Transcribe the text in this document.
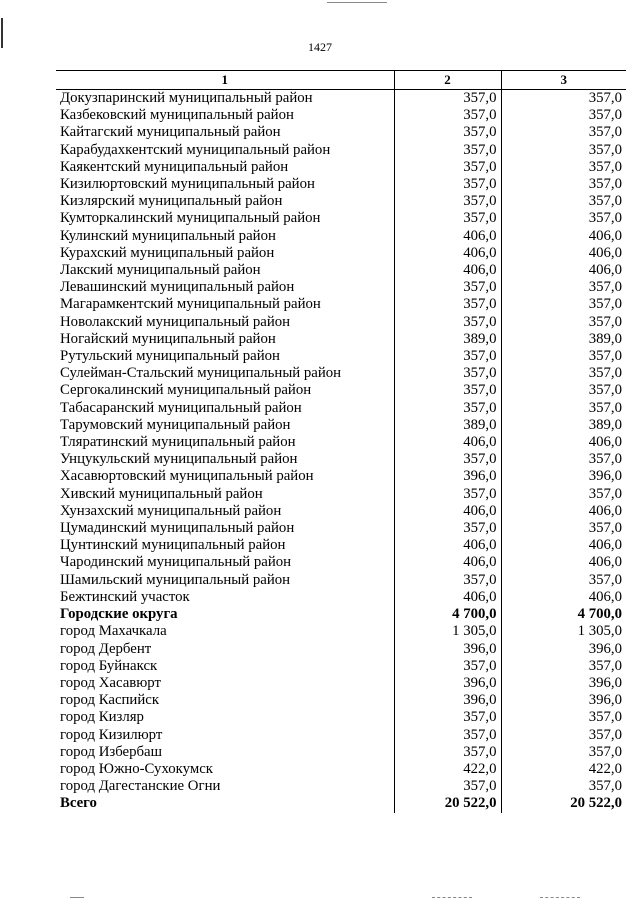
1427
1	2	3
Докузпаринский муниципальный район	357,0	357,0
Казбековский муниципальный район	357,0	357,0
Кайтагский муниципальный район	357,0	357,0
Карабудахкентский муниципальный район	357,0	357,0
Каякентский муниципальный район	357,0	357,0
Кизилюртовский муниципальный район	357,0	357,0
Кизлярский муниципальный район	357,0	357,0
Кумторкалинский муниципальный район	357,0	357,0
Кулинский муниципальный район	406,0	406,0
Курахский муниципальный район	406,0	406,0
Лакский муниципальный район	406,0	406,0
Левашинский муниципальный район	357,0	357,0
Магарамкентский муниципальный район	357,0	357,0
Новолакский муниципальный район	357,0	357,0
Ногайский муниципальный район	389,0	389,0
Рутульский муниципальный район	357,0	357,0
Сулейман-Стальский муниципальный район	357,0	357,0
Сергокалинский муниципальный район	357,0	357,0
Табасаранский муниципальный район	357,0	357,0
Тарумовский муниципальный район	389,0	389,0
Тляратинский муниципальный район	406,0	406,0
Унцукульский муниципальный район	357,0	357,0
Хасавюртовский муниципальный район	396,0	396,0
Хивский муниципальный район	357,0	357,0
Хунзахский муниципальный район	406,0	406,0
Цумадинский муниципальный район	357,0	357,0
Цунтинский муниципальный район	406,0	406,0
Чародинский муниципальный район	406,0	406,0
Шамильский муниципальный район	357,0	357,0
Бежтинский участок	406,0	406,0
Городские округа	4 700,0	4 700,0
город Махачкала	1 305,0	1 305,0
город Дербент	396,0	396,0
город Буйнакск	357,0	357,0
город Хасавюрт	396,0	396,0
город Каспийск	396,0	396,0
город Кизляр	357,0	357,0
город Кизилюрт	357,0	357,0
город Избербаш	357,0	357,0
город Южно-Сухокумск	422,0	422,0
город Дагестанские Огни	357,0	357,0
Всего	20 522,0	20 522,0
